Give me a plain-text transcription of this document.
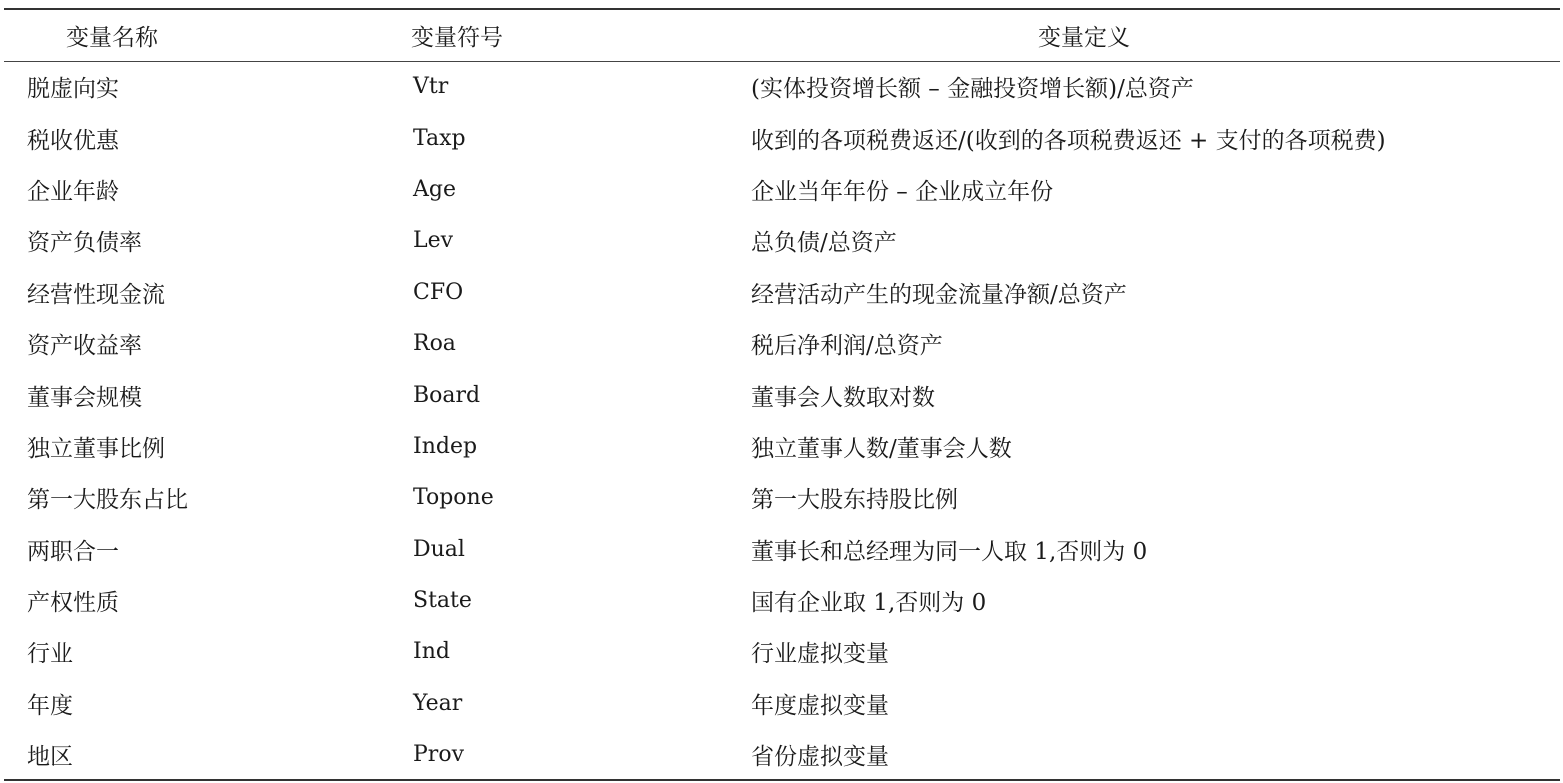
变量名称	变量符号	变量定义
脱虚向实	Vtr	(实体投资增长额 – 金融投资增长额)/总资产
税收优惠	Taxp	收到的各项税费返还/(收到的各项税费返还 + 支付的各项税费)
企业年龄	Age	企业当年年份 – 企业成立年份
资产负债率	Lev	总负债/总资产
经营性现金流	CFO	经营活动产生的现金流量净额/总资产
资产收益率	Roa	税后净利润/总资产
董事会规模	Board	董事会人数取对数
独立董事比例	Indep	独立董事人数/董事会人数
第一大股东占比	Topone	第一大股东持股比例
两职合一	Dual	董事长和总经理为同一人取 1,否则为 0
产权性质	State	国有企业取 1,否则为 0
行业	Ind	行业虚拟变量
年度	Year	年度虚拟变量
地区	Prov	省份虚拟变量
